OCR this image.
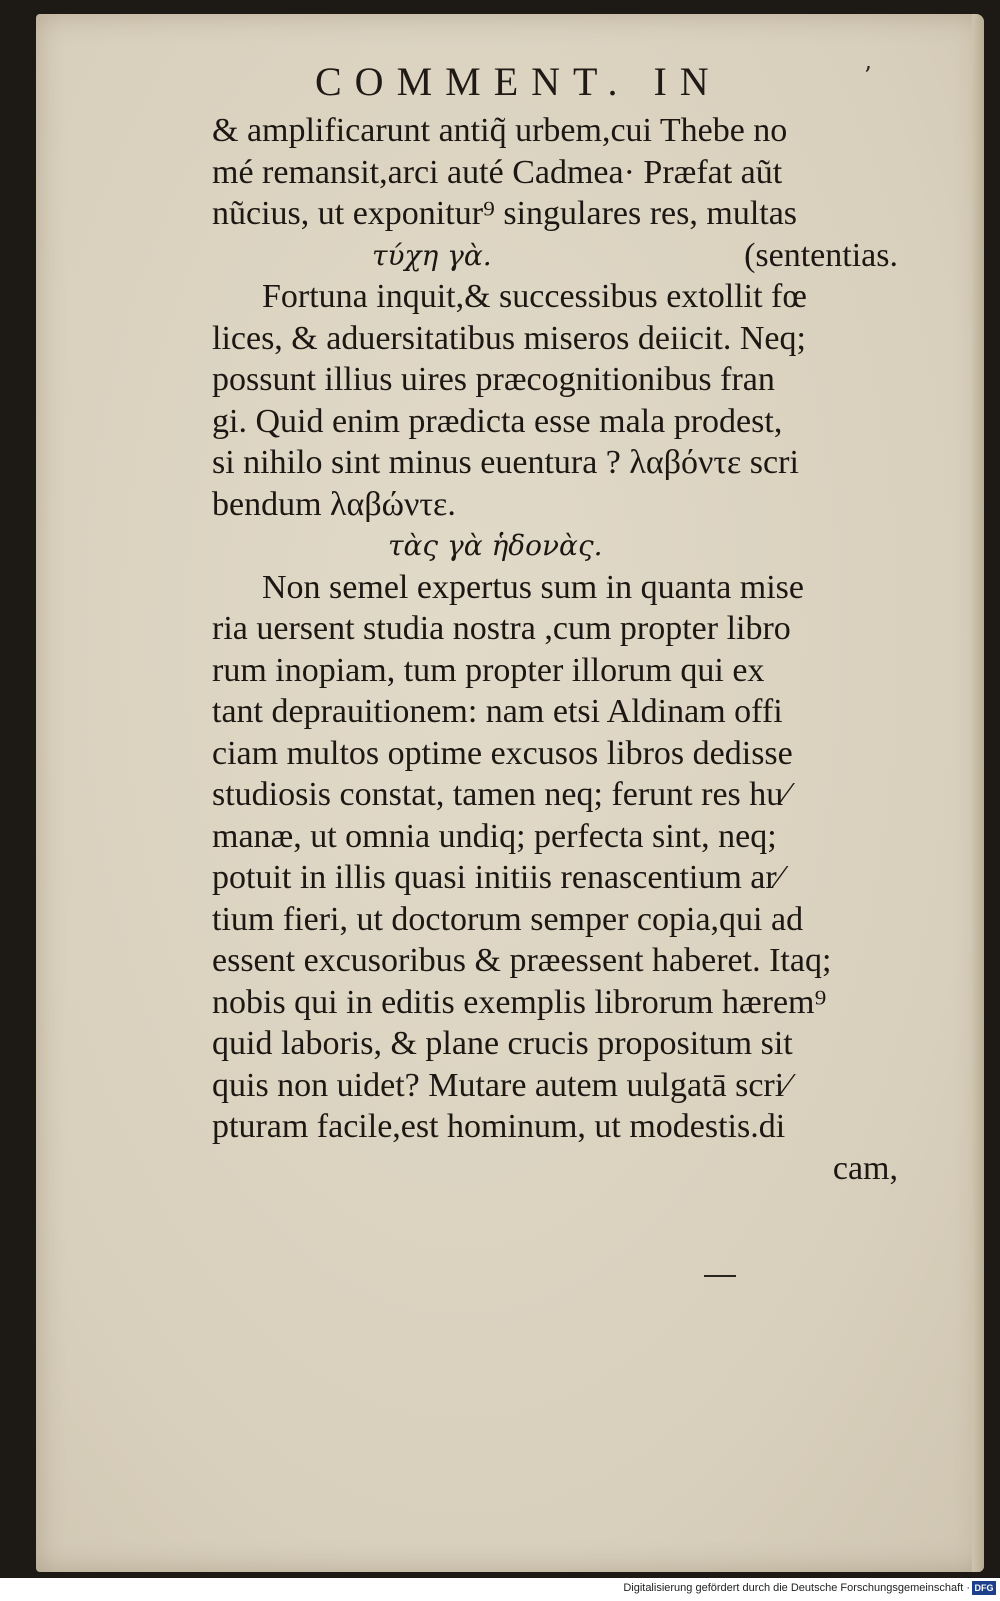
COMMENT. IN	’
& amplificarunt antiq̃ urbem,cui Thebe no
mé remansit,arci auté Cadmea· Præfat aũt
nũcius, ut exponitur⁹ singulares res, multas
τύχη γὰ.	(sententias.
Fortuna inquit,& successibus extollit fœ
lices, & aduersitatibus miseros deiicit. Neq;
possunt illius uires præcognitionibus fran
gi. Quid enim prædicta esse mala prodest,
si nihilo sint minus euentura ? λαβόντε scri
bendum λαβώντε.
τὰς γὰ ἡδονὰς.
Non semel expertus sum in quanta mise
ria uersent studia nostra ,cum propter libro
rum inopiam, tum propter illorum qui ex
tant deprauitionem: nam etsi Aldinam offi
ciam multos optime excusos libros dedisse
studiosis constat, tamen neq; ferunt res hu⁄
manæ, ut omnia undiq; perfecta sint, neq;
potuit in illis quasi initiis renascentium ar⁄
tium fieri, ut doctorum semper copia,qui ad
essent excusoribus & præessent haberet. Itaq;
nobis qui in editis exemplis librorum hærem⁹
quid laboris, & plane crucis propositum sit
quis non uidet? Mutare autem uulgatā scri⁄
pturam facile,est hominum, ut modestis.di
cam,
Digitalisierung gefördert durch die Deutsche Forschungsgemeinschaft · DFG
